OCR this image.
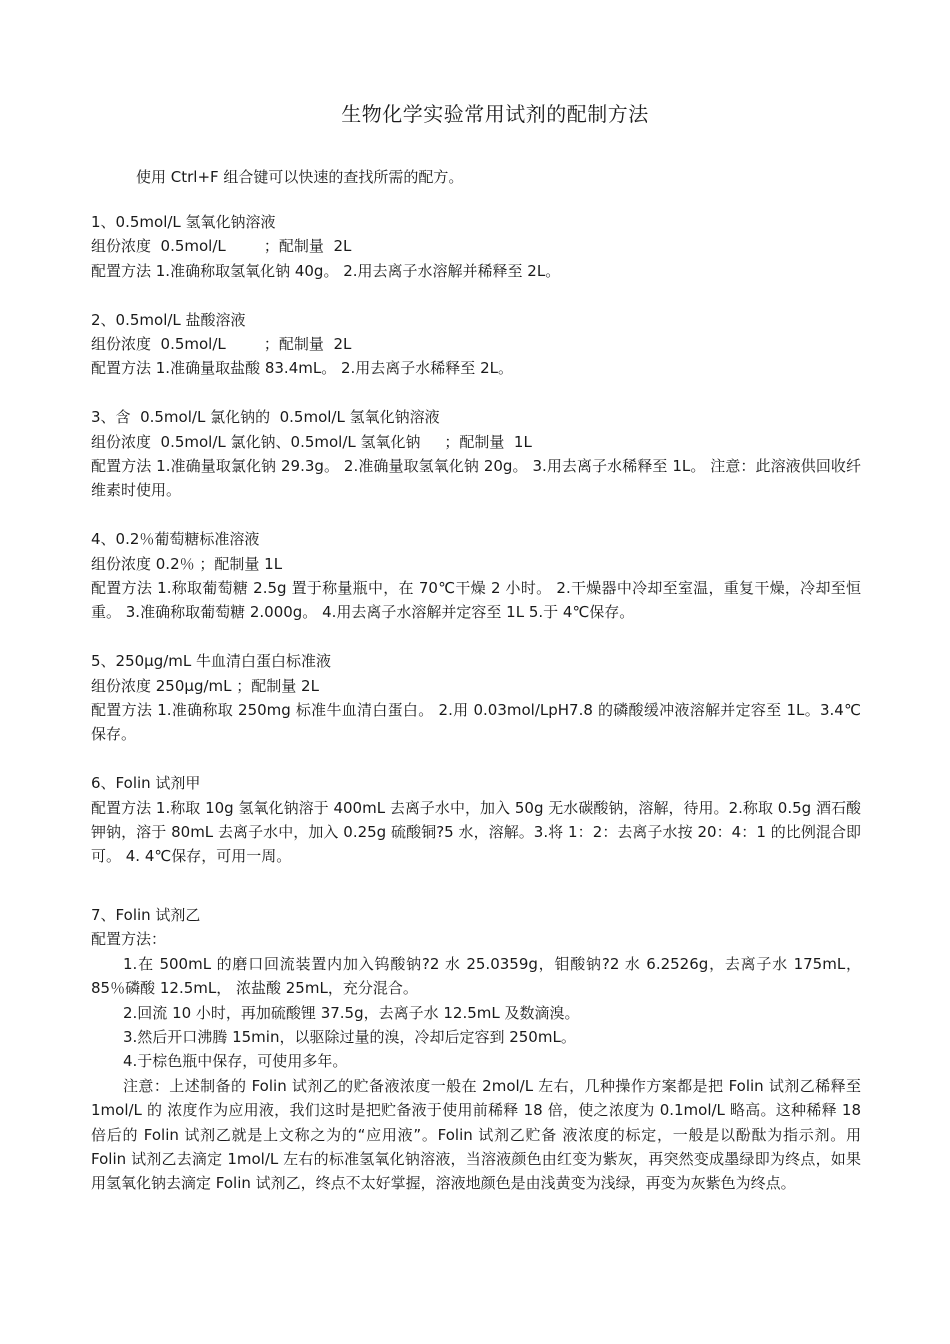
生物化学实验常用试剂的配制方法
使用 Ctrl+F 组合键可以快速的查找所需的配方。

1、0.5mol/L 氢氧化钠溶液

组份浓度  0.5mol/L        ；配制量  2L

配置方法 1.准确称取氢氧化钠 40g。 2.用去离子水溶解并稀释至 2L。

2、0.5mol/L 盐酸溶液

组份浓度  0.5mol/L        ；配制量  2L

配置方法 1.准确量取盐酸 83.4mL。 2.用去离子水稀释至 2L。

3、含  0.5mol/L 氯化钠的  0.5mol/L 氢氧化钠溶液

组份浓度  0.5mol/L 氯化钠、0.5mol/L 氢氧化钠     ；配制量  1L

配置方法 1.准确量取氯化钠 29.3g。 2.准确量取氢氧化钠 20g。 3.用去离子水稀释至 1L。 注意：此溶液供回收纤维素时使用。

4、0.2％葡萄糖标准溶液

组份浓度 0.2％ ；配制量 1L

配置方法 1.称取葡萄糖 2.5g 置于称量瓶中，在 70℃干燥 2 小时。 2.干燥器中冷却至室温，重复干燥，冷却至恒重。 3.准确称取葡萄糖 2.000g。 4.用去离子水溶解并定容至 1L 5.于 4℃保存。

5、250μg/mL 牛血清白蛋白标准液

组份浓度 250μg/mL ；配制量 2L

配置方法 1.准确称取 250mg 标准牛血清白蛋白。 2.用 0.03mol/LpH7.8 的磷酸缓冲液溶解并定容至 1L。3.4℃保存。

6、Folin 试剂甲

配置方法 1.称取 10g 氢氧化钠溶于 400mL 去离子水中，加入 50g 无水碳酸钠，溶解，待用。2.称取 0.5g 酒石酸钾钠，溶于 80mL 去离子水中，加入 0.25g 硫酸铜?5 水，溶解。3.将 1：2：去离子水按 20：4：1 的比例混合即可。 4. 4℃保存，可用一周。

7、Folin 试剂乙

配置方法：

1.在 500mL 的磨口回流装置内加入钨酸钠?2 水 25.0359g，钼酸钠?2 水 6.2526g，去离子水 175mL，85％磷酸 12.5mL， 浓盐酸 25mL，充分混合。

2.回流 10 小时，再加硫酸锂 37.5g，去离子水 12.5mL 及数滴溴。

3.然后开口沸腾 15min，以驱除过量的溴，冷却后定容到 250mL。

4.于棕色瓶中保存，可使用多年。

注意：上述制备的 Folin 试剂乙的贮备液浓度一般在 2mol/L 左右，几种操作方案都是把 Folin 试剂乙稀释至 1mol/L 的 浓度作为应用液，我们这时是把贮备液于使用前稀释 18 倍，使之浓度为 0.1mol/L 略高。这种稀释 18 倍后的 Folin 试剂乙就是上文称之为的“应用液”。Folin 试剂乙贮备 液浓度的标定，一般是以酚酞为指示剂。用 Folin 试剂乙去滴定 1mol/L 左右的标准氢氧化钠溶液，当溶液颜色由红变为紫灰，再突然变成墨绿即为终点，如果用氢氧化钠去滴定 Folin 试剂乙，终点不太好掌握，溶液地颜色是由浅黄变为浅绿，再变为灰紫色为终点。
